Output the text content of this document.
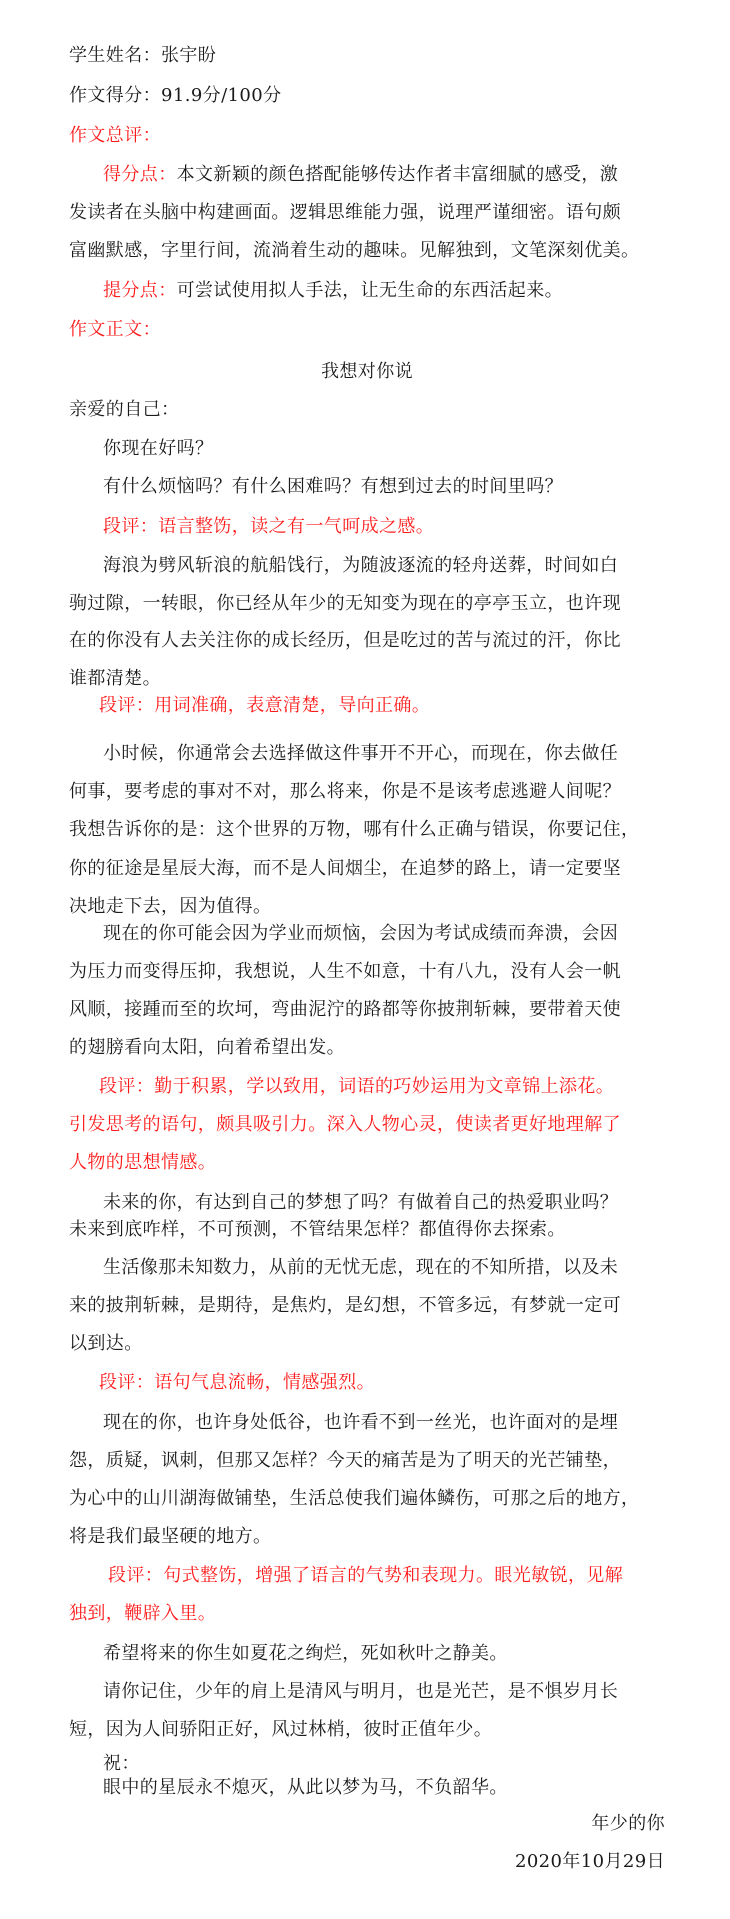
学生姓名：张宇盼
作文得分：91.9分/100分
作文总评：
得分点：本文新颖的颜色搭配能够传达作者丰富细腻的感受，激
发读者在头脑中构建画面。逻辑思维能力强，说理严谨细密。语句颇
富幽默感，字里行间，流淌着生动的趣味。见解独到，文笔深刻优美。
提分点：可尝试使用拟人手法，让无生命的东西活起来。
作文正文：
我想对你说
亲爱的自己：
你现在好吗？
有什么烦恼吗？有什么困难吗？有想到过去的时间里吗？
段评：语言整饬，读之有一气呵成之感。
海浪为劈风斩浪的航船饯行，为随波逐流的轻舟送葬，时间如白
驹过隙，一转眼，你已经从年少的无知变为现在的亭亭玉立，也许现
在的你没有人去关注你的成长经历，但是吃过的苦与流过的汗，你比
谁都清楚。
段评：用词准确，表意清楚，导向正确。
小时候，你通常会去选择做这件事开不开心，而现在，你去做任
何事，要考虑的事对不对，那么将来，你是不是该考虑逃避人间呢？
我想告诉你的是：这个世界的万物，哪有什么正确与错误，你要记住，
你的征途是星辰大海，而不是人间烟尘，在追梦的路上，请一定要坚
决地走下去，因为值得。
现在的你可能会因为学业而烦恼，会因为考试成绩而奔溃，会因
为压力而变得压抑，我想说，人生不如意，十有八九，没有人会一帆
风顺，接踵而至的坎坷，弯曲泥泞的路都等你披荆斩棘，要带着天使
的翅膀看向太阳，向着希望出发。
段评：勤于积累，学以致用，词语的巧妙运用为文章锦上添花。
引发思考的语句，颇具吸引力。深入人物心灵，使读者更好地理解了
人物的思想情感。
未来的你，有达到自己的梦想了吗？有做着自己的热爱职业吗？
未来到底咋样，不可预测，不管结果怎样？都值得你去探索。
生活像那未知数力，从前的无忧无虑，现在的不知所措，以及未
来的披荆斩棘，是期待，是焦灼，是幻想，不管多远，有梦就一定可
以到达。
段评：语句气息流畅，情感强烈。
现在的你，也许身处低谷，也许看不到一丝光，也许面对的是埋
怨，质疑，讽刺，但那又怎样？今天的痛苦是为了明天的光芒铺垫，
为心中的山川湖海做铺垫，生活总使我们遍体鳞伤，可那之后的地方，
将是我们最坚硬的地方。
段评：句式整饬，增强了语言的气势和表现力。眼光敏锐，见解
独到，鞭辟入里。
希望将来的你生如夏花之绚烂，死如秋叶之静美。
请你记住，少年的肩上是清风与明月，也是光芒，是不惧岁月长
短，因为人间骄阳正好，风过林梢，彼时正值年少。
祝：
眼中的星辰永不熄灭，从此以梦为马，不负韶华。
年少的你
2020年10月29日
